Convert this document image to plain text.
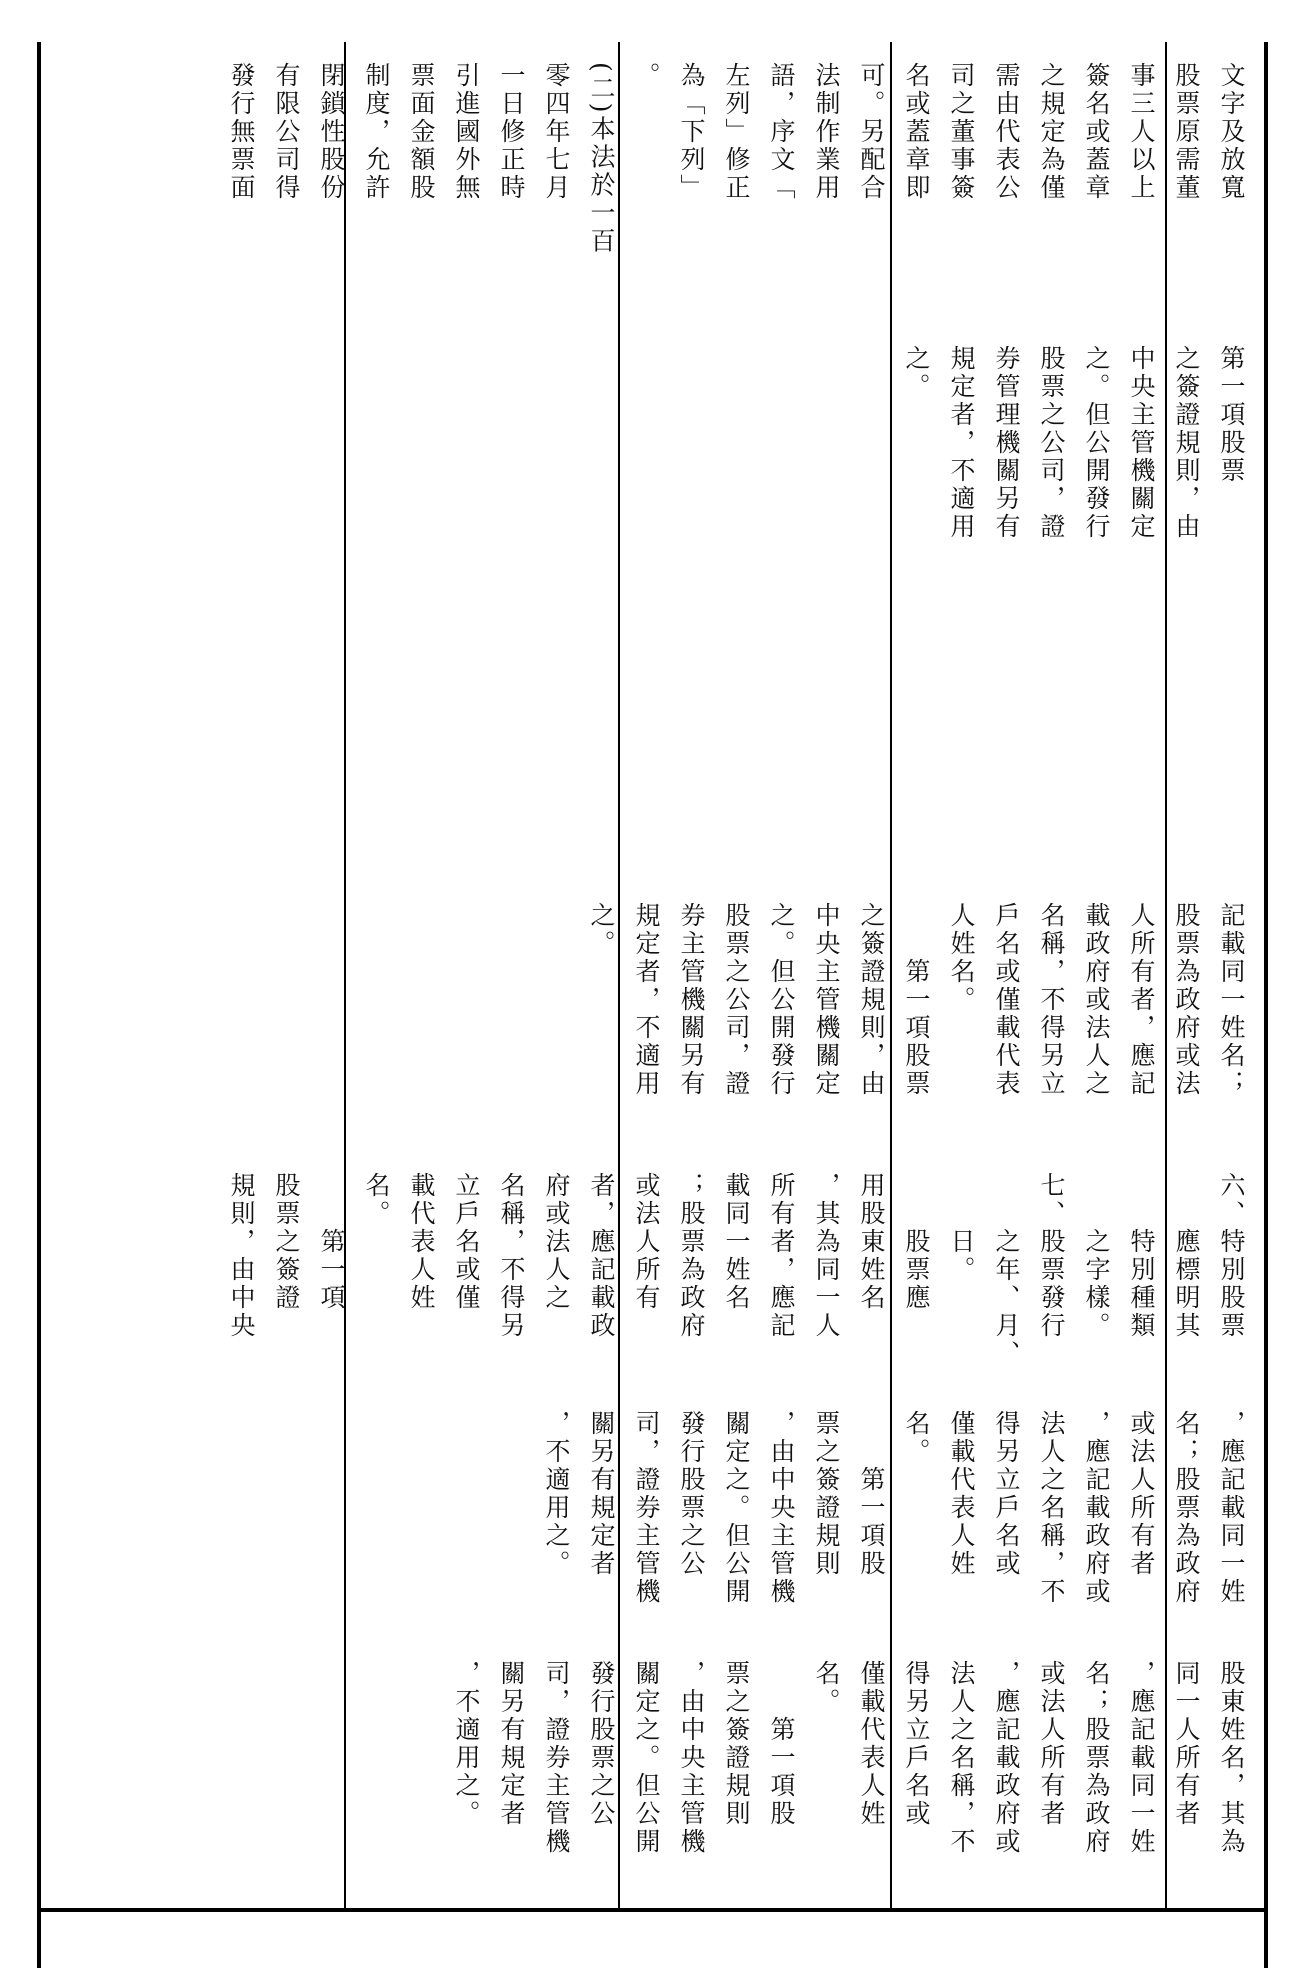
文字及放寬
股票原需董
事三人以上
簽名或蓋章
之規定為僅
需由代表公
司之董事簽
名或蓋章即
可。另配合
法制作業用
語，序文「
左列」修正
為「下列」
。
(二)本法於一百
零四年七月
一日修正時
引進國外無
票面金額股
制度，允許
閉鎖性股份
有限公司得
發行無票面
第一項股票
之簽證規則，由
中央主管機關定
之。但公開發行
股票之公司，證
券管理機關另有
規定者，不適用
之。
記載同一姓名；
股票為政府或法
人所有者，應記
載政府或法人之
名稱，不得另立
戶名或僅載代表
人姓名。
　　第一項股票
之簽證規則，由
中央主管機關定
之。但公開發行
股票之公司，證
券主管機關另有
規定者，不適用
之。
六、特別股票
　　應標明其
　　特別種類
　　之字樣。
七、股票發行
　　之年、月、
　　日。
　　股票應
用股東姓名
，其為同一人
所有者，應記
載同一姓名
；股票為政府
或法人所有
者，應記載政
府或法人之
名稱，不得另
立戶名或僅
載代表人姓
名。
　　第一項
股票之簽證
規則，由中央
，應記載同一姓
名；股票為政府
或法人所有者
，應記載政府或
法人之名稱，不
得另立戶名或
僅載代表人姓
名。
　　第一項股
票之簽證規則
，由中央主管機
關定之。但公開
發行股票之公
司，證券主管機
關另有規定者
，不適用之。
股東姓名，其為
同一人所有者
，應記載同一姓
名；股票為政府
或法人所有者
，應記載政府或
法人之名稱，不
得另立戶名或
僅載代表人姓
名。
　　第一項股
票之簽證規則
，由中央主管機
關定之。但公開
發行股票之公
司，證券主管機
關另有規定者
，不適用之。
